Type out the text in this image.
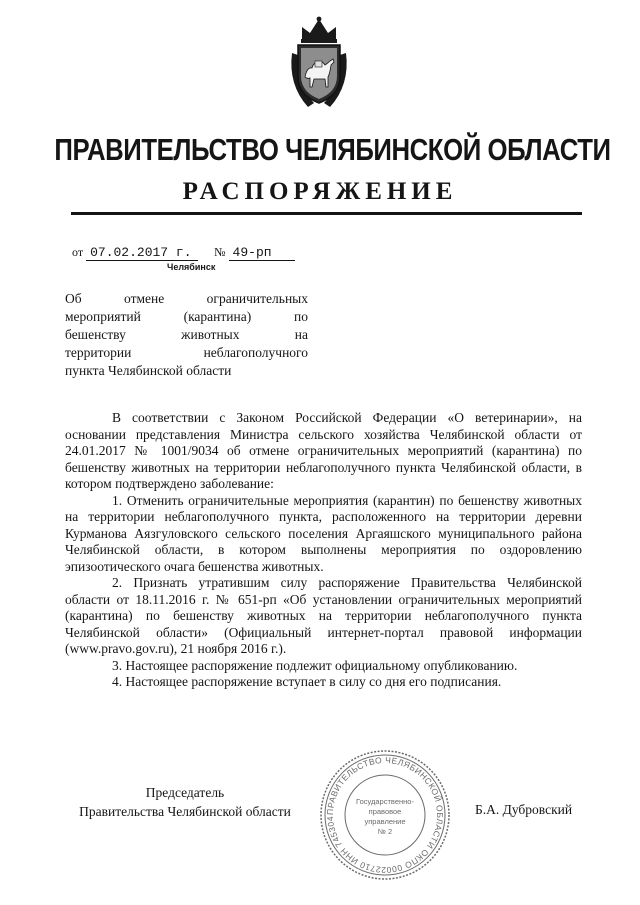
ПРАВИТЕЛЬСТВО ЧЕЛЯБИНСКОЙ ОБЛАСТИ
РАСПОРЯЖЕНИЕ
от 07.02.2017 г. № 49-рп
Челябинск
Об отмене ограничительных
мероприятий (карантина) по
бешенству животных на
территории неблагополучного
пункта Челябинской области

В соответствии с Законом Российской Федерации «О ветеринарии», на основании представления Министра сельского хозяйства Челябинской области от 24.01.2017 № 1001/9034 об отмене ограничительных мероприятий (карантина) по бешенству животных на территории неблагополучного пункта Челябинской области, в котором подтверждено заболевание:

1. Отменить ограничительные мероприятия (карантин) по бешенству животных на территории неблагополучного пункта, расположенного на территории деревни Курманова Аязгуловского сельского поселения Аргаяшского муниципального района Челябинской области, в котором выполнены мероприятия по оздоровлению эпизоотического очага бешенства животных.

2. Признать утратившим силу распоряжение Правительства Челябинской области от 18.11.2016 г. № 651-рп «Об установлении ограничительных мероприятий (карантина) по бешенству животных на территории неблагополучного пункта Челябинской области» (Официальный интернет-портал правовой информации (www.pravo.gov.ru), 21 ноября 2016 г.).

3. Настоящее распоряжение подлежит официальному опубликованию.

4. Настоящее распоряжение вступает в силу со дня его подписания.

Председатель
Правительства Челябинской области	Б.А. Дубровский
ПРАВИТЕЛЬСТВО ЧЕЛЯБИНСКОЙ ОБЛАСТИ ОКПО 00022710 ИНН 745304
Государственно-
правовое
управление
№ 2
